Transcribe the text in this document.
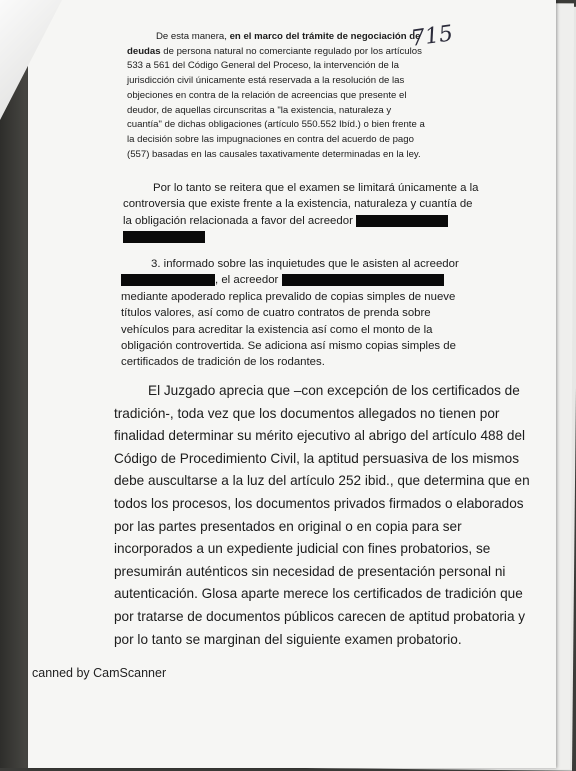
715
De esta manera, en el marco del trámite de negociación de
deudas de persona natural no comerciante regulado por los artículos
533 a 561 del Código General del Proceso, la intervención de la
jurisdicción civil únicamente está reservada a la resolución de las
objeciones en contra de la relación de acreencias que presente el
deudor, de aquellas circunscritas a "la existencia, naturaleza y
cuantía" de dichas obligaciones (artículo 550.552 Ibíd.) o bien frente a
la decisión sobre las impugnaciones en contra del acuerdo de pago
(557) basadas en las causales taxativamente determinadas en la ley.
Por lo tanto se reitera que el examen se limitará únicamente a la
controversia que existe frente a la existencia, naturaleza y cuantía de
la obligación relacionada a favor del acreedor
3. informado sobre las inquietudes que le asisten al acreedor
, el acreedor
mediante apoderado replica prevalido de copias simples de nueve
títulos valores, así como de cuatro contratos de prenda sobre
vehículos para acreditar la existencia así como el monto de la
obligación controvertida. Se adiciona así mismo copias simples de
certificados de tradición de los rodantes.
El Juzgado aprecia que –con excepción de los certificados de
tradición-, toda vez que los documentos allegados no tienen por
finalidad determinar su mérito ejecutivo al abrigo del artículo 488 del
Código de Procedimiento Civil, la aptitud persuasiva de los mismos
debe auscultarse a la luz del artículo 252 ibid., que determina que en
todos los procesos, los documentos privados firmados o elaborados
por las partes presentados en original o en copia para ser
incorporados a un expediente judicial con fines probatorios, se
presumirán auténticos sin necesidad de presentación personal ni
autenticación. Glosa aparte merece los certificados de tradición que
por tratarse de documentos públicos carecen de aptitud probatoria y
por lo tanto se marginan del siguiente examen probatorio.
canned by CamScanner
